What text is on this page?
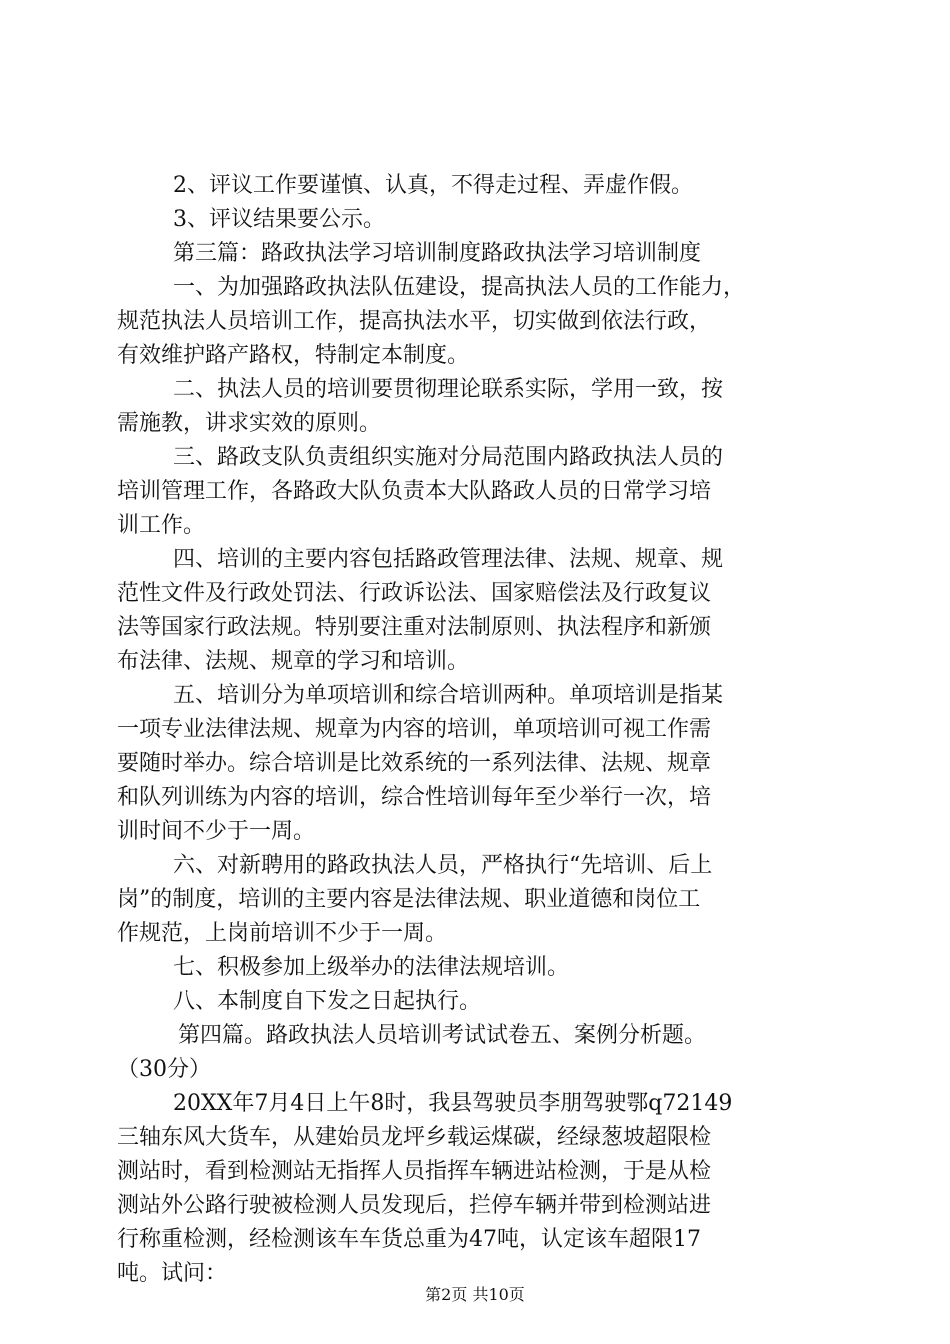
2、评议工作要谨慎、认真，不得走过程、弄虚作假。
3、评议结果要公示。
第三篇：路政执法学习培训制度路政执法学习培训制度
一、为加强路政执法队伍建设，提高执法人员的工作能力，
规范执法人员培训工作，提高执法水平，切实做到依法行政，
有效维护路产路权，特制定本制度。
二、执法人员的培训要贯彻理论联系实际，学用一致，按
需施教，讲求实效的原则。
三、路政支队负责组织实施对分局范围内路政执法人员的
培训管理工作，各路政大队负责本大队路政人员的日常学习培
训工作。
四、培训的主要内容包括路政管理法律、法规、规章、规
范性文件及行政处罚法、行政诉讼法、国家赔偿法及行政复议
法等国家行政法规。特别要注重对法制原则、执法程序和新颁
布法律、法规、规章的学习和培训。
五、培训分为单项培训和综合培训两种。单项培训是指某
一项专业法律法规、规章为内容的培训，单项培训可视工作需
要随时举办。综合培训是比效系统的一系列法律、法规、规章
和队列训练为内容的培训，综合性培训每年至少举行一次，培
训时间不少于一周。
六、对新聘用的路政执法人员，严格执行“先培训、后上
岗”的制度，培训的主要内容是法律法规、职业道德和岗位工
作规范，上岗前培训不少于一周。
七、积极参加上级举办的法律法规培训。
八、本制度自下发之日起执行。
第四篇。路政执法人员培训考试试卷五、案例分析题。
（30分）
20XX年7月4日上午8时，我县驾驶员李朋驾驶鄂q72149
三轴东风大货车，从建始员龙坪乡载运煤碳，经绿葱坡超限检
测站时，看到检测站无指挥人员指挥车辆进站检测，于是从检
测站外公路行驶被检测人员发现后，拦停车辆并带到检测站进
行称重检测，经检测该车车货总重为47吨，认定该车超限17
吨。试问：
第2页 共10页
